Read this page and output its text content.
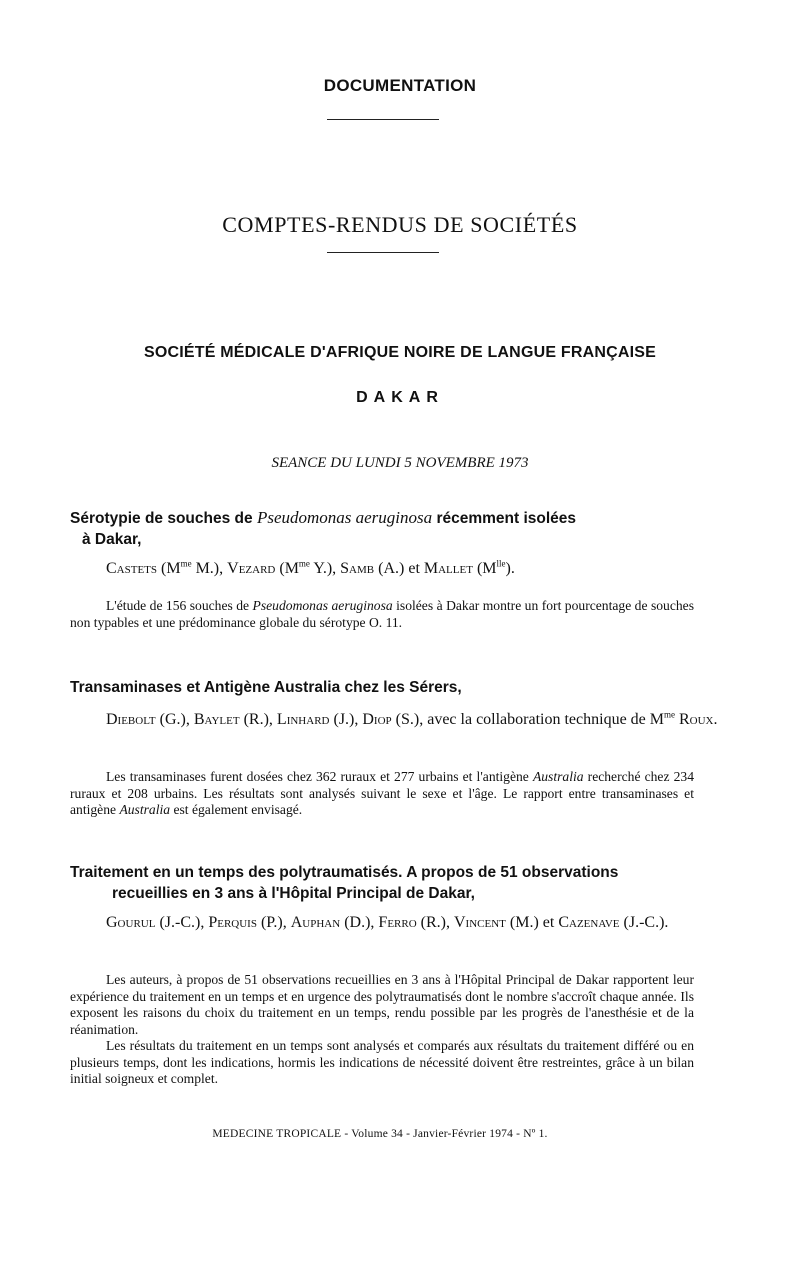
DOCUMENTATION
COMPTES-RENDUS DE SOCIÉTÉS
SOCIÉTÉ MÉDICALE D'AFRIQUE NOIRE DE LANGUE FRANÇAISE
DAKAR
SEANCE DU LUNDI 5 NOVEMBRE 1973
Sérotypie de souches de Pseudomonas aeruginosa récemment isolées
à Dakar,
Castets ($M^{me}$ M.), Vezard ($M^{me}$ Y.), Samb (A.) et Mallet $(M^{lle})$.

L'étude de 156 souches de Pseudomonas aeruginosa isolées à Dakar montre un fort pourcentage de souches non typables et une prédominance globale du sérotype O. 11.

Transaminases et Antigène Australia chez les Sérers,
Diebolt (G.), Baylet (R.), Linhard (J.), Diop (S.), avec la collaboration technique de $M^{me}$ Roux.

Les transaminases furent dosées chez 362 ruraux et 277 urbains et l'antigène Australia recherché chez 234 ruraux et 208 urbains. Les résultats sont analysés suivant le sexe et l'âge. Le rapport entre transaminases et antigène Australia est également envisagé.

Traitement en un temps des polytraumatisés. A propos de 51 observations
recueillies en 3 ans à l'Hôpital Principal de Dakar,
Gourul (J.-C.), Perquis (P.), Auphan (D.), Ferro (R.), Vincent (M.) et Cazenave (J.-C.).

Les auteurs, à propos de 51 observations recueillies en 3 ans à l'Hôpital Principal de Dakar rapportent leur expérience du traitement en un temps et en urgence des polytraumatisés dont le nombre s'accroît chaque année. Ils exposent les raisons du choix du traitement en un temps, rendu possible par les progrès de l'anesthésie et de la réanimation.

Les résultats du traitement en un temps sont analysés et comparés aux résultats du traitement différé ou en plusieurs temps, dont les indications, hormis les indications de nécessité doivent être restreintes, grâce à un bilan initial soigneux et complet.

MEDECINE TROPICALE - Volume 34 - Janvier-Février 1974 - Nº 1.
